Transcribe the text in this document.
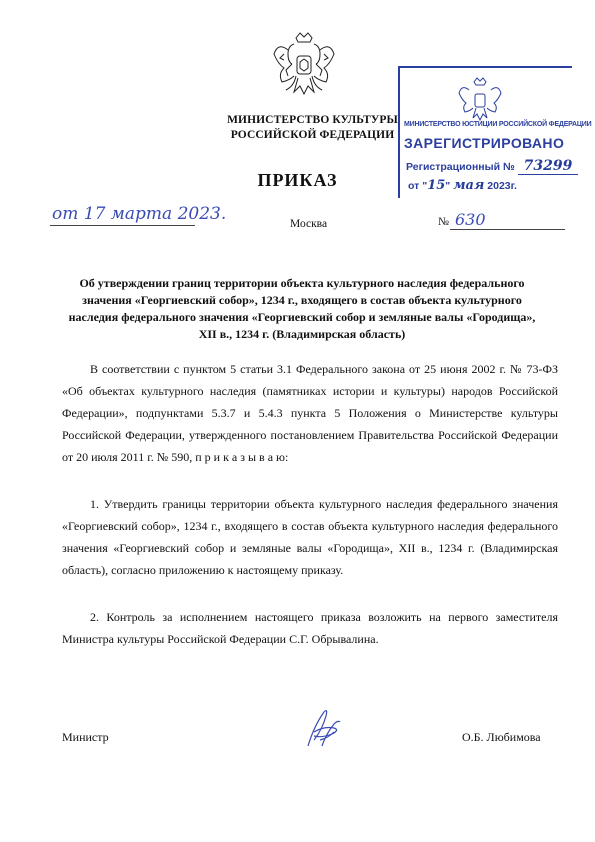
МИНИСТЕРСТВО КУЛЬТУРЫ
РОССИЙСКОЙ ФЕДЕРАЦИИ
МИНИСТЕРСТВО ЮСТИЦИИ РОССИЙСКОЙ ФЕДЕРАЦИИ
ЗАРЕГИСТРИРОВАНО
Регистрационный № 73299
от "15" мая 2023г.
ПРИКАЗ
от 17 марта 2023.	Москва	№ 630
Об утверждении границ территории объекта культурного наследия федерального значения «Георгиевский собор», 1234 г., входящего в состав объекта культурного наследия федерального значения «Георгиевский собор и земляные валы «Городища», XII в., 1234 г. (Владимирская область)
В соответствии с пунктом 5 статьи 3.1 Федерального закона от 25 июня 2002 г. № 73-ФЗ «Об объектах культурного наследия (памятниках истории и культуры) народов Российской Федерации», подпунктами 5.3.7 и 5.4.3 пункта 5 Положения о Министерстве культуры Российской Федерации, утвержденного постановлением Правительства Российской Федерации от 20 июля 2011 г. № 590, п р и к а з ы в а ю:
1. Утвердить границы территории объекта культурного наследия федерального значения «Георгиевский собор», 1234 г., входящего в состав объекта культурного наследия федерального значения «Георгиевский собор и земляные валы «Городища», XII в., 1234 г. (Владимирская область), согласно приложению к настоящему приказу.
2. Контроль за исполнением настоящего приказа возложить на первого заместителя Министра культуры Российской Федерации С.Г. Обрывалина.
Министр	О.Б. Любимова
